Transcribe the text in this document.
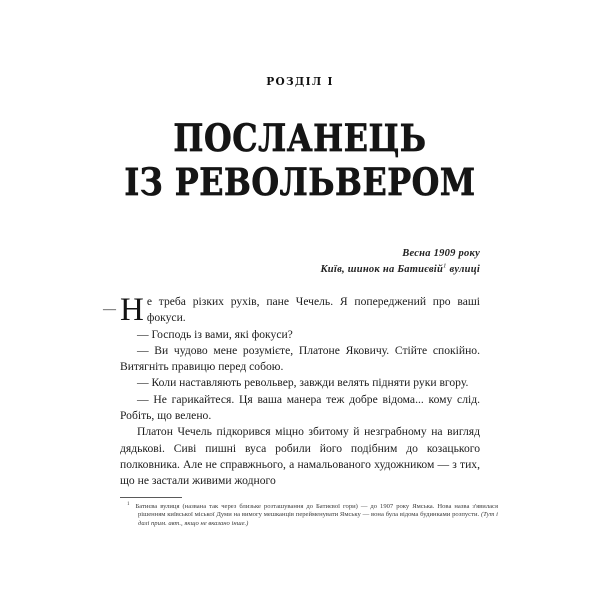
РОЗДІЛ I
ПОСЛАНЕЦЬ
ІЗ РЕВОЛЬВЕРОМ
Весна 1909 року
Київ, шинок на Батиєвій$^1$ вулиці

— Н е треба різких рухів, пане Чечель. Я попереджений про ваші фокуси.

— Господь із вами, які фокуси?

— Ви чудово мене розумієте, Платоне Яковичу. Стійте спокійно. Витягніть правицю перед собою.

— Коли наставляють револьвер, завжди велять підняти руки вгору.

— Не гарикайтеся. Ця ваша манера теж добре відома... кому слід. Робіть, що велено.

Платон Чечель підкорився міцно збитому й незграбному на вигляд дядькові. Сиві пишні вуса робили його подібним до козацького полковника. Але не справжнього, а намальованого художником — з тих, що не застали живими жодного

$^1$ Батиєва вулиця (названа так через близьке розташування до Батиєвої гори) — до 1907 року Ямська. Нова назва з'явилася рішенням київської міської Думи на вимогу мешканців перейменувати Ямську — вона була відома будинками розпусти. (Тут і далі прим. авт., якщо не вказано інше.)
